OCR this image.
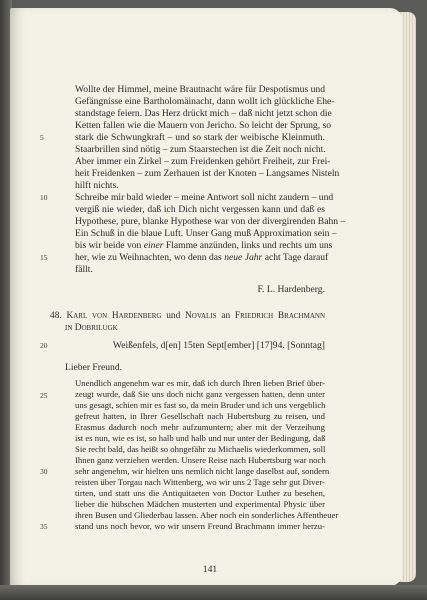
Wollte der Himmel, meine Brautnacht wäre für Despotismus und
Gefängnisse eine Bartholomäinacht, dann wollt ich glückliche Ehe-
standstage feiern. Das Herz drückt mich – daß nicht jetzt schon die
Ketten fallen wie die Mauern von Jericho. So leicht der Sprung, so
stark die Schwungkraft – und so stark der weibische Kleinmuth.
Staarbrillen sind nötig – zum Staarstechen ist die Zeit noch nicht.
Aber immer ein Zirkel – zum Freidenken gehört Freiheit, zur Frei-
heit Freidenken – zum Zerhauen ist der Knoten – Langsames Nisteln
hilft nichts.
Schreibe mir bald wieder – meine Antwort soll nicht zaudern – und
vergiß nie wieder, daß ich Dich nicht vergessen kann und daß es
Hypothese, pure, blanke Hypothese war von der divergirenden Bahn –
Ein Schuß in die blaue Luft. Unser Gang muß Approximation sein –
bis wir beide von einer Flamme anzünden, links und rechts um uns
her, wie zu Weihnachten, wo denn das neue Jahr acht Tage darauf
fällt.
F. L. Hardenberg.
48. Karl von Hardenberg und Novalis an Friedrich Brachmann
in Dobrilugk
Weißenfels, d[en] 15ten Sept[ember] [17]94. [Sonntag]
Lieber Freund.
Unendlich angenehm war es mir, daß ich durch Ihren lieben Brief über-
zeugt wurde, daß Sie uns doch nicht ganz vergessen hatten, denn unter
uns gesagt, schien mir es fast so, da mein Bruder und ich uns vergeblich
gefreut hatten, in Ihrer Gesellschaft nach Hubertsburg zu reisen, und
Erasmus dadurch noch mehr aufzumuntern; aber mit der Verzeihung
ist es nun, wie es ist, so halb und halb und nur unter der Bedingung, daß
Sie recht bald, das heißt so ohngefähr zu Michaelis wiederkommen, soll
Ihnen ganz verziehen werden. Unsere Reise nach Hubertsburg war noch
sehr angenehm, wir hielten uns nemlich nicht lange daselbst auf, sondern
reisten über Torgau nach Wittenberg, wo wir uns 2 Tage sehr gut Diver-
tirten, und statt uns die Antiquitaeten von Doctor Luther zu besehen,
lieber die hübschen Mädchen musterten und experimental Physic über
ihren Busen und Gliederbau lassen. Aber noch ein sonderliches Affentheuer
stand uns noch bevor, wo wir unsern Freund Brachmann immer herzu-
5
10
15
20
25
30
35
141
